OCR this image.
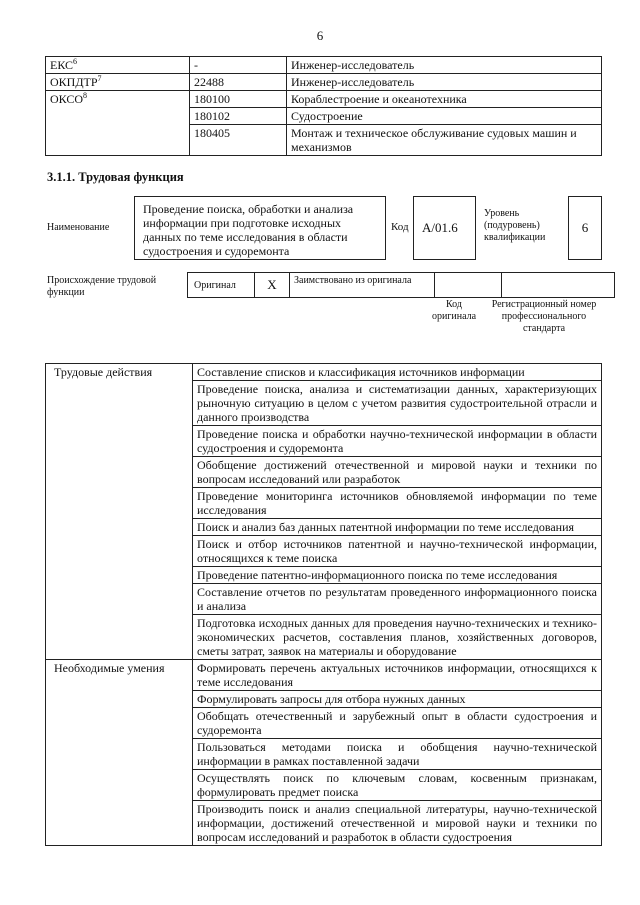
6
ЕКС$^6$	-	Инженер-исследователь
ОКПДТР$^7$	22488	Инженер-исследователь
ОКСО$^8$	180100	Кораблестроение и океанотехника
	180102	Судостроение
	180405	Монтаж и техническое обслуживание судовых машин и механизмов
3.1.1. Трудовая функция
Наименование
Проведение поиска, обработки и анализа информации при подготовке исходных данных по теме исследования в области судостроения и судоремонта
Код	A/01.6
Уровень (подуровень) квалификации
6
Происхождение трудовой функции
Оригинал	X	Заимствовано из оригинала
Код оригинала
Регистрационный номер профессионального стандарта
Трудовые действия	Составление списков и классификация источников информации
	Проведение поиска, анализа и систематизации данных, характеризующих рыночную ситуацию в целом с учетом развития судостроительной отрасли и данного производства
	Проведение поиска и обработки научно-технической информации в области судостроения и судоремонта
	Обобщение достижений отечественной и мировой науки и техники по вопросам исследований или разработок
	Проведение мониторинга источников обновляемой информации по теме исследования
	Поиск и анализ баз данных патентной информации по теме исследования
	Поиск и отбор источников патентной и научно-технической информации, относящихся к теме поиска
	Проведение патентно-информационного поиска по теме исследования
	Составление отчетов по результатам проведенного информационного поиска и анализа
	Подготовка исходных данных для проведения научно-технических и технико-экономических расчетов, составления планов, хозяйственных договоров, сметы затрат, заявок на материалы и оборудование
Необходимые умения	Формировать перечень актуальных источников информации, относящихся к теме исследования
	Формулировать запросы для отбора нужных данных
	Обобщать отечественный и зарубежный опыт в области судостроения и судоремонта
	Пользоваться методами поиска и обобщения научно-технической информации в рамках поставленной задачи
	Осуществлять поиск по ключевым словам, косвенным признакам, формулировать предмет поиска
	Производить поиск и анализ специальной литературы, научно-технической информации, достижений отечественной и мировой науки и техники по вопросам исследований и разработок в области судостроения
